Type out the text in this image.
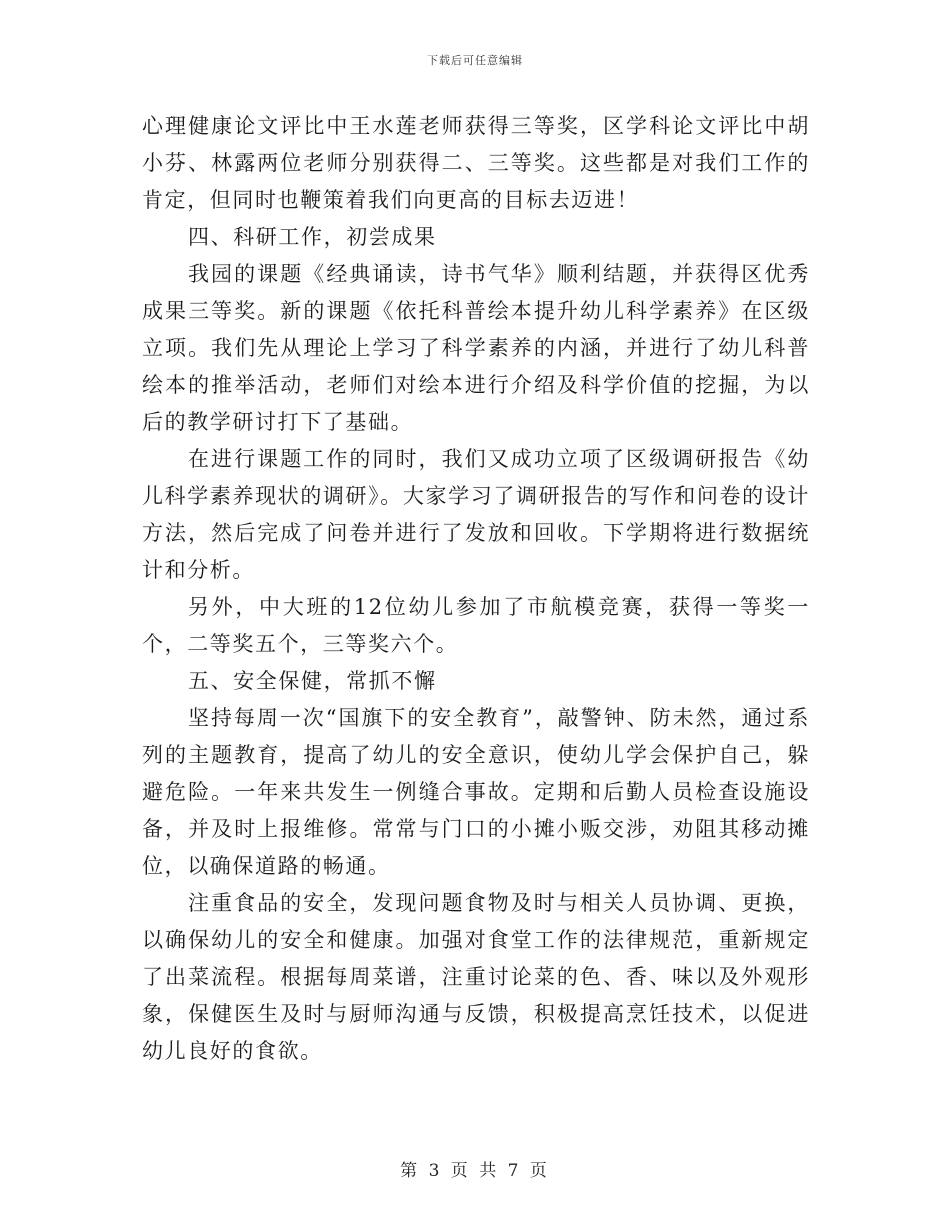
下载后可任意编辑

心理健康论文评比中王水莲老师获得三等奖，区学科论文评比中胡小芬、林露两位老师分别获得二、三等奖。这些都是对我们工作的肯定，但同时也鞭策着我们向更高的目标去迈进！

四、科研工作，初尝成果

我园的课题《经典诵读，诗书气华》顺利结题，并获得区优秀成果三等奖。新的课题《依托科普绘本提升幼儿科学素养》在区级立项。我们先从理论上学习了科学素养的内涵，并进行了幼儿科普绘本的推举活动，老师们对绘本进行介绍及科学价值的挖掘，为以后的教学研讨打下了基础。

在进行课题工作的同时，我们又成功立项了区级调研报告《幼儿科学素养现状的调研》。大家学习了调研报告的写作和问卷的设计方法，然后完成了问卷并进行了发放和回收。下学期将进行数据统计和分析。

另外，中大班的12位幼儿参加了市航模竞赛，获得一等奖一个，二等奖五个，三等奖六个。

五、安全保健，常抓不懈

坚持每周一次“国旗下的安全教育”，敲警钟、防未然，通过系列的主题教育，提高了幼儿的安全意识，使幼儿学会保护自己，躲避危险。一年来共发生一例缝合事故。定期和后勤人员检查设施设备，并及时上报维修。常常与门口的小摊小贩交涉，劝阻其移动摊位，以确保道路的畅通。

注重食品的安全，发现问题食物及时与相关人员协调、更换，以确保幼儿的安全和健康。加强对食堂工作的法律规范，重新规定了出菜流程。根据每周菜谱，注重讨论菜的色、香、味以及外观形象，保健医生及时与厨师沟通与反馈，积极提高烹饪技术，以促进幼儿良好的食欲。

第 3 页 共 7 页
